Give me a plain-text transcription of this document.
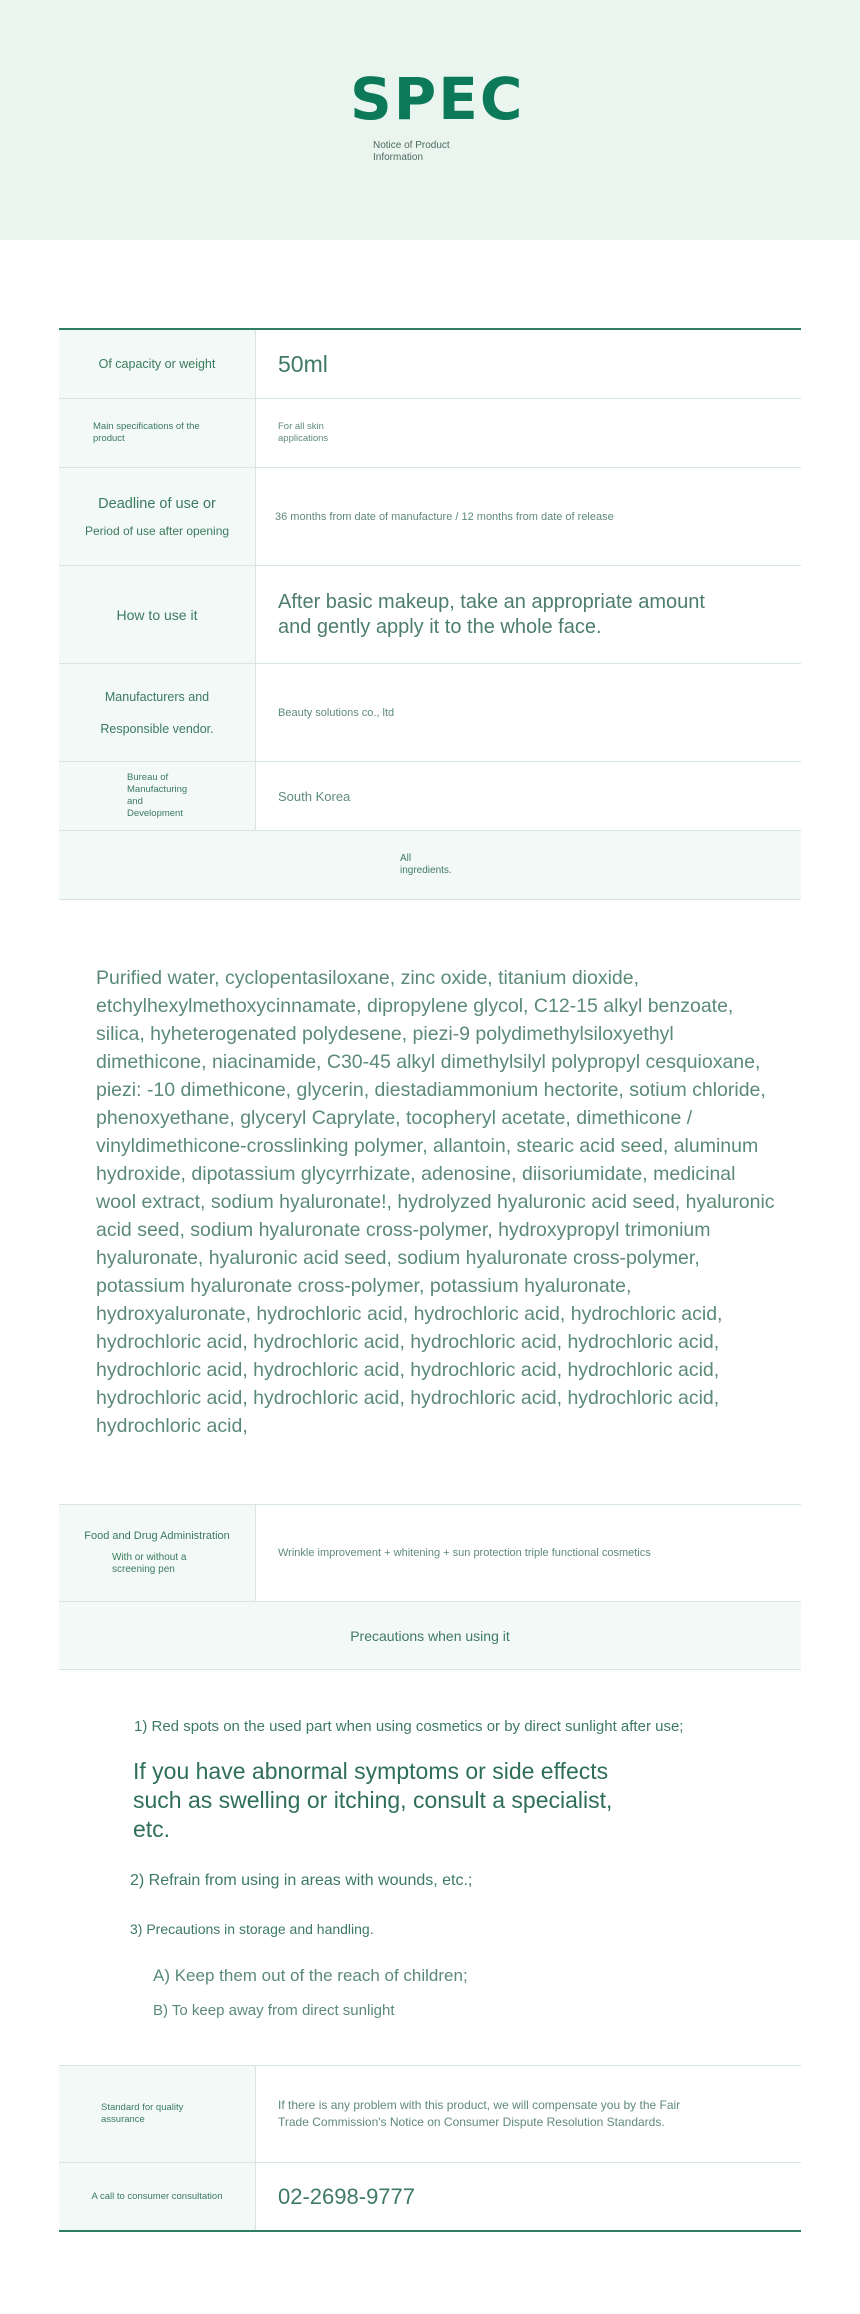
SPEC
Notice of Product Information
Of capacity or weight	50ml
Main specifications of the product
For all skin applications
Deadline of use or
Period of use after opening
36 months from date of manufacture / 12 months from date of release
How to use it
After basic makeup, take an appropriate amount and gently apply it to the whole face.
Manufacturers and
Responsible vendor.
Beauty solutions co., ltd
Bureau of Manufacturing and Development
South Korea
All ingredients.
Purified water, cyclopentasiloxane, zinc oxide, titanium dioxide, etchylhexylmethoxycinnamate, dipropylene glycol, C12-15 alkyl benzoate, silica, hyheterogenated polydesene, piezi-9 polydimethylsiloxyethyl dimethicone, niacinamide, C30-45 alkyl dimethylsilyl polypropyl cesquioxane, piezi: -10 dimethicone, glycerin, diestadiammonium hectorite, sotium chloride, phenoxyethane, glyceryl Caprylate, tocopheryl acetate, dimethicone / vinyldimethicone-crosslinking polymer, allantoin, stearic acid seed, aluminum hydroxide, dipotassium glycyrrhizate, adenosine, diisoriumidate, medicinal wool extract, sodium hyaluronate!, hydrolyzed hyaluronic acid seed, hyaluronic acid seed, sodium hyaluronate cross-polymer, hydroxypropyl trimonium hyaluronate, hyaluronic acid seed, sodium hyaluronate cross-polymer, potassium hyaluronate cross-polymer, potassium hyaluronate, hydroxyaluronate, hydrochloric acid, hydrochloric acid, hydrochloric acid, hydrochloric acid, hydrochloric acid, hydrochloric acid, hydrochloric acid, hydrochloric acid, hydrochloric acid, hydrochloric acid, hydrochloric acid, hydrochloric acid, hydrochloric acid, hydrochloric acid, hydrochloric acid, hydrochloric acid,
Food and Drug Administration
With or without a screening pen
Wrinkle improvement + whitening + sun protection triple functional cosmetics
Precautions when using it
1) Red spots on the used part when using cosmetics or by direct sunlight after use;
If you have abnormal symptoms or side effects such as swelling or itching, consult a specialist, etc.
2) Refrain from using in areas with wounds, etc.;
3) Precautions in storage and handling.
A) Keep them out of the reach of children;
B) To keep away from direct sunlight
Standard for quality assurance
If there is any problem with this product, we will compensate you by the Fair Trade Commission's Notice on Consumer Dispute Resolution Standards.
A call to consumer consultation	02-2698-9777
